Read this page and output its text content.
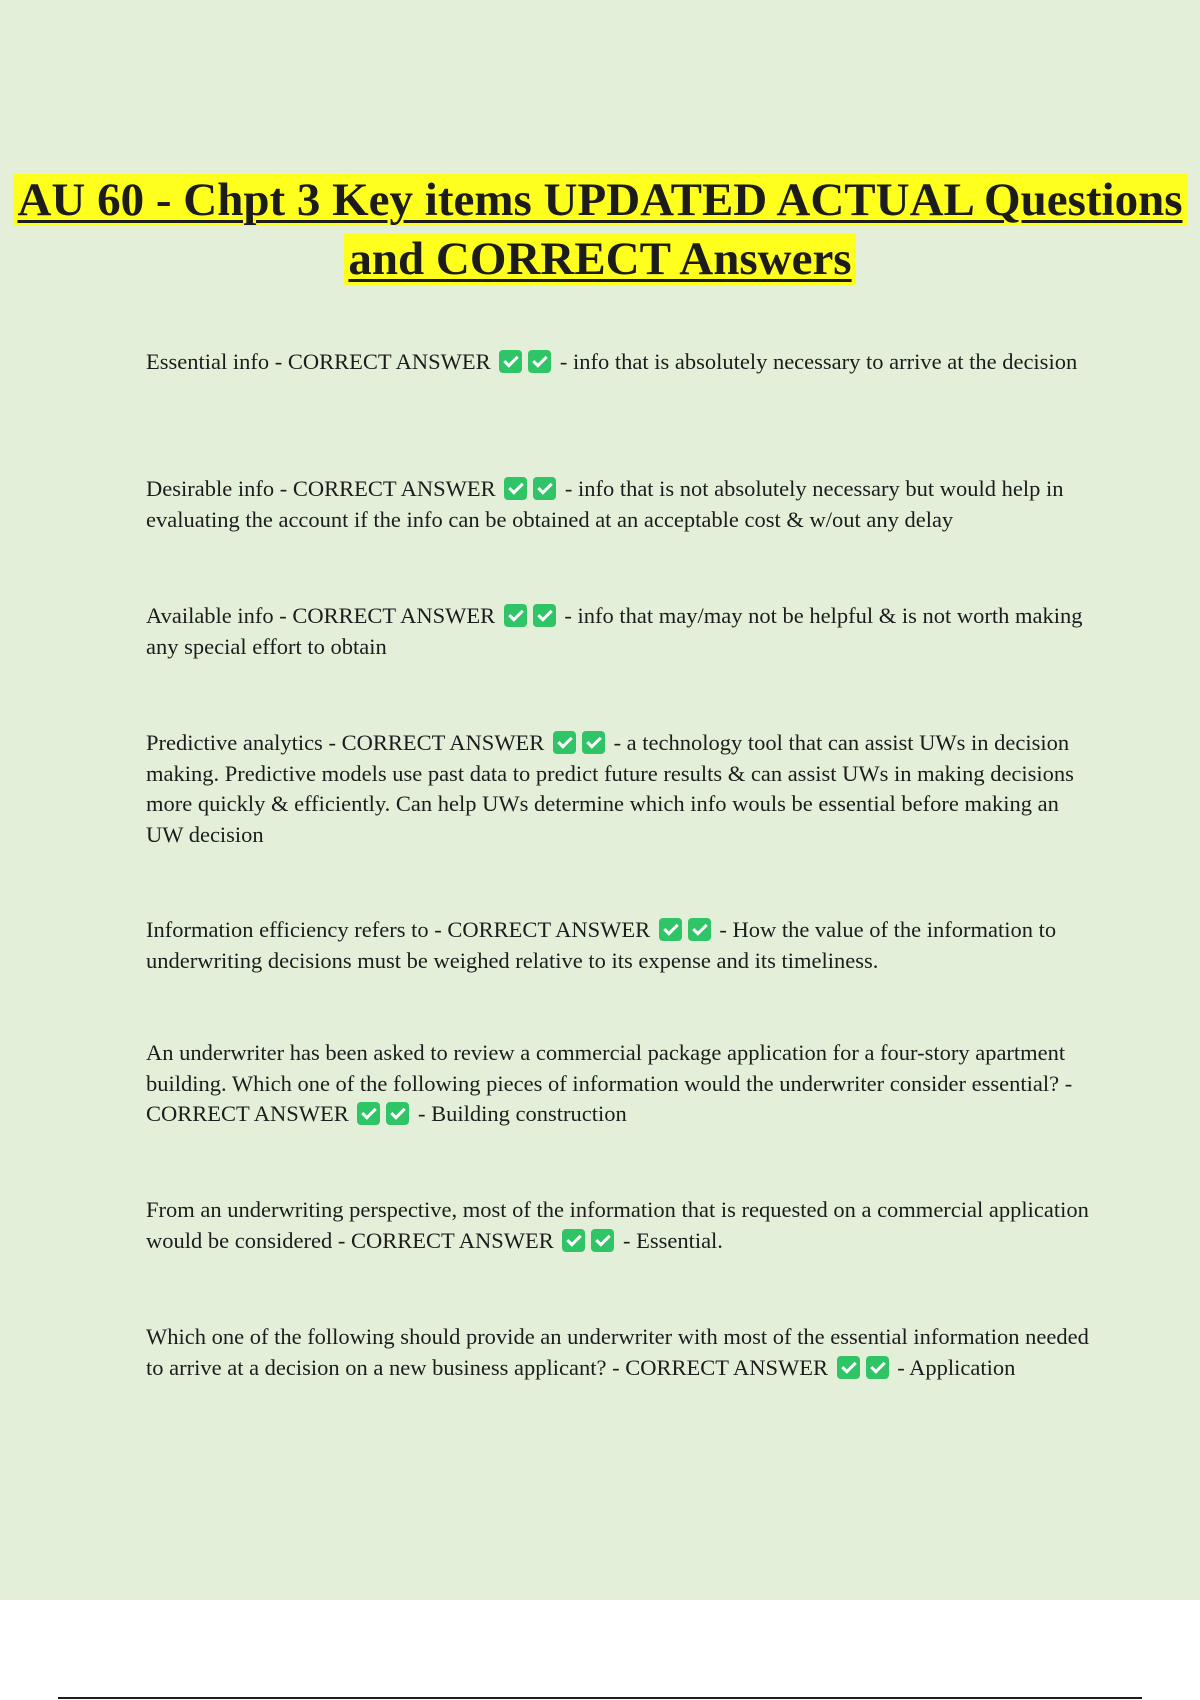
AU 60 - Chpt 3 Key items UPDATED ACTUAL Questions and CORRECT Answers

Essential info - CORRECT ANSWER	- info that is absolutely necessary to arrive at the decision

Desirable info - CORRECT ANSWER	- info that is not absolutely necessary but would help in evaluating the account if the info can be obtained at an acceptable cost & w/out any delay

Available info - CORRECT ANSWER	- info that may/may not be helpful & is not worth making any special effort to obtain

Predictive analytics - CORRECT ANSWER	- a technology tool that can assist UWs in decision making. Predictive models use past data to predict future results & can assist UWs in making decisions more quickly & efficiently. Can help UWs determine which info wouls be essential before making an UW decision

Information efficiency refers to - CORRECT ANSWER	- How the value of the information to underwriting decisions must be weighed relative to its expense and its timeliness.

An underwriter has been asked to review a commercial package application for a four-story apartment building. Which one of the following pieces of information would the underwriter consider essential? - CORRECT ANSWER	- Building construction

From an underwriting perspective, most of the information that is requested on a commercial application would be considered - CORRECT ANSWER	- Essential.

Which one of the following should provide an underwriter with most of the essential information needed to arrive at a decision on a new business applicant? - CORRECT ANSWER	- Application
